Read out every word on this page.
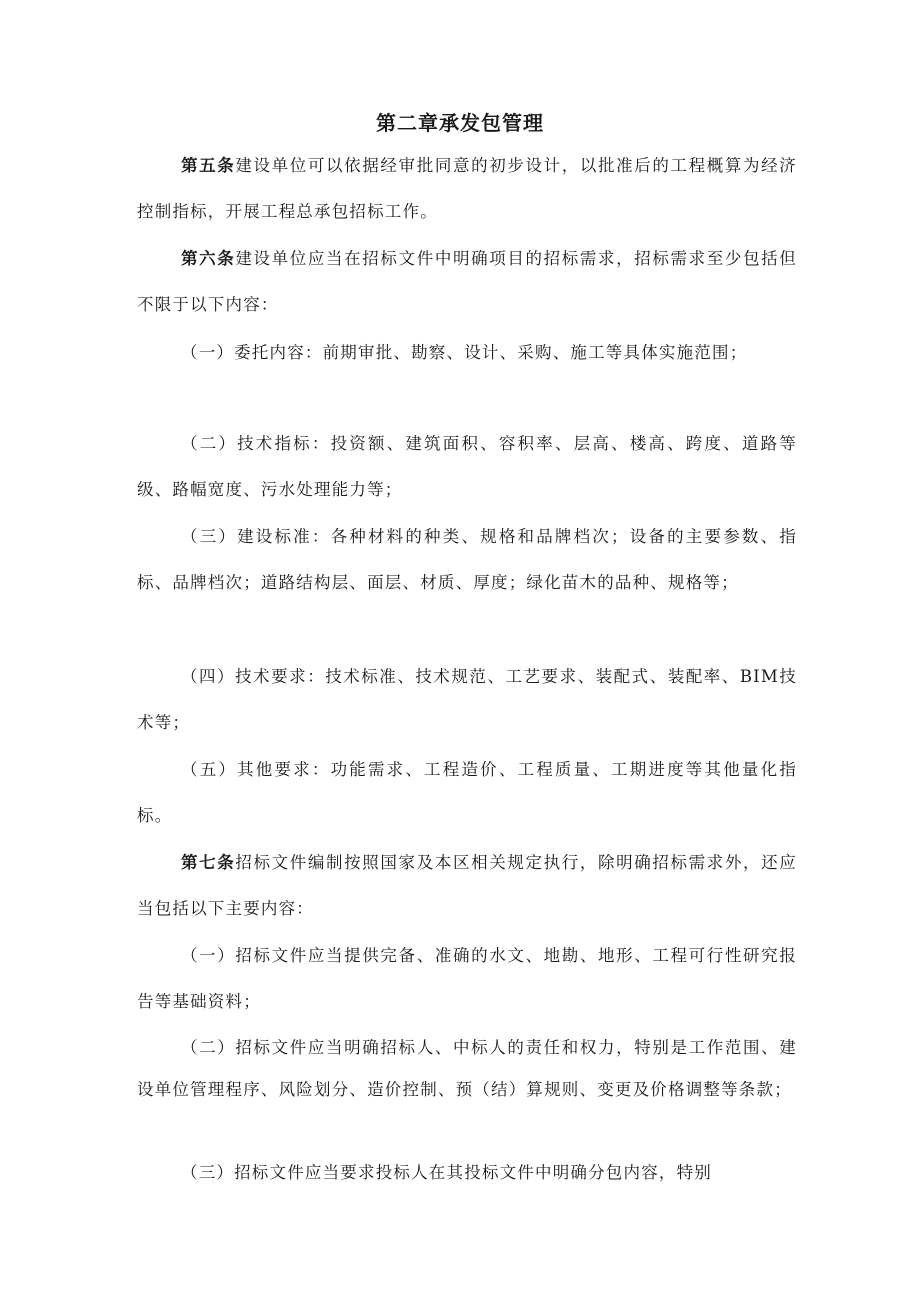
第二章承发包管理

第五条建设单位可以依据经审批同意的初步设计，以批准后的工程概算为经济控制指标，开展工程总承包招标工作。

第六条建设单位应当在招标文件中明确项目的招标需求，招标需求至少包括但不限于以下内容：

（一）委托内容：前期审批、勘察、设计、采购、施工等具体实施范围；

（二）技术指标：投资额、建筑面积、容积率、层高、楼高、跨度、道路等级、路幅宽度、污水处理能力等；

（三）建设标准：各种材料的种类、规格和品牌档次；设备的主要参数、指标、品牌档次；道路结构层、面层、材质、厚度；绿化苗木的品种、规格等；

（四）技术要求：技术标准、技术规范、工艺要求、装配式、装配率、BIM技术等；

（五）其他要求：功能需求、工程造价、工程质量、工期进度等其他量化指标。

第七条招标文件编制按照国家及本区相关规定执行，除明确招标需求外，还应当包括以下主要内容：

（一）招标文件应当提供完备、准确的水文、地勘、地形、工程可行性研究报告等基础资料；

（二）招标文件应当明确招标人、中标人的责任和权力，特别是工作范围、建设单位管理程序、风险划分、造价控制、预（结）算规则、变更及价格调整等条款；

（三）招标文件应当要求投标人在其投标文件中明确分包内容，特别
